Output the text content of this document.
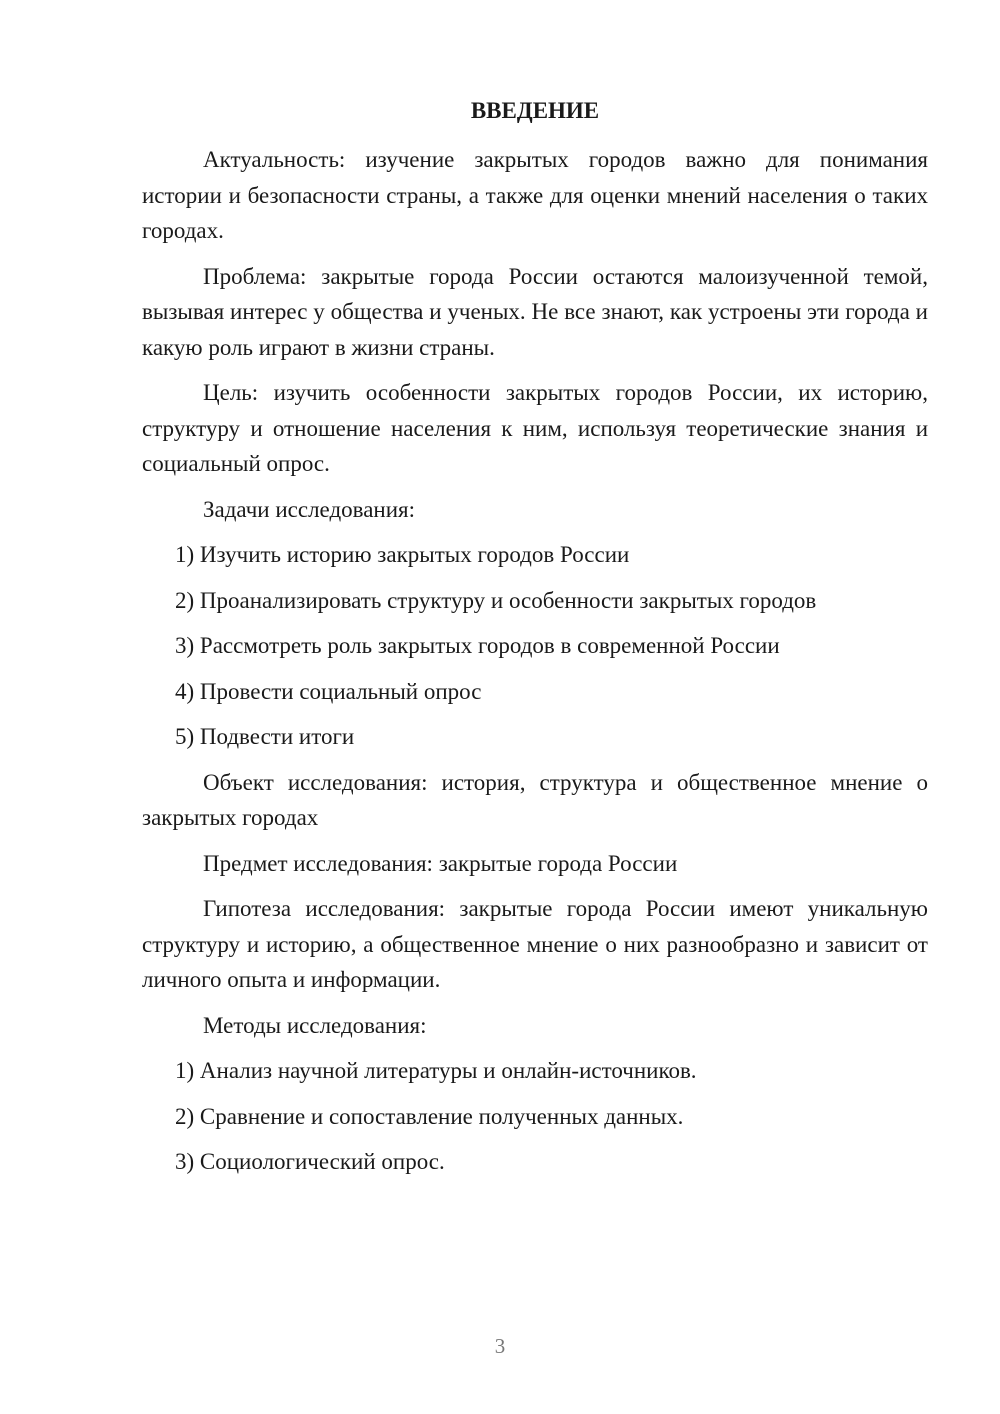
ВВЕДЕНИЕ

Актуальность: изучение закрытых городов важно для понимания истории и безопасности страны, а также для оценки мнений населения о таких городах.

Проблема: закрытые города России остаются малоизученной темой, вызывая интерес у общества и ученых. Не все знают, как устроены эти города и какую роль играют в жизни страны.

Цель: изучить особенности закрытых городов России, их историю, структуру и отношение населения к ним, используя теоретические знания и социальный опрос.

Задачи исследования:

1) Изучить историю закрытых городов России
2) Проанализировать структуру и особенности закрытых городов
3) Рассмотреть роль закрытых городов в современной России
4) Провести социальный опрос
5) Подвести итоги

Объект исследования: история, структура и общественное мнение о закрытых городах

Предмет исследования: закрытые города России

Гипотеза исследования: закрытые города России имеют уникальную структуру и историю, а общественное мнение о них разнообразно и зависит от личного опыта и информации.

Методы исследования:

1) Анализ научной литературы и онлайн-источников.
2) Сравнение и сопоставление полученных данных.
3) Социологический опрос.
3
